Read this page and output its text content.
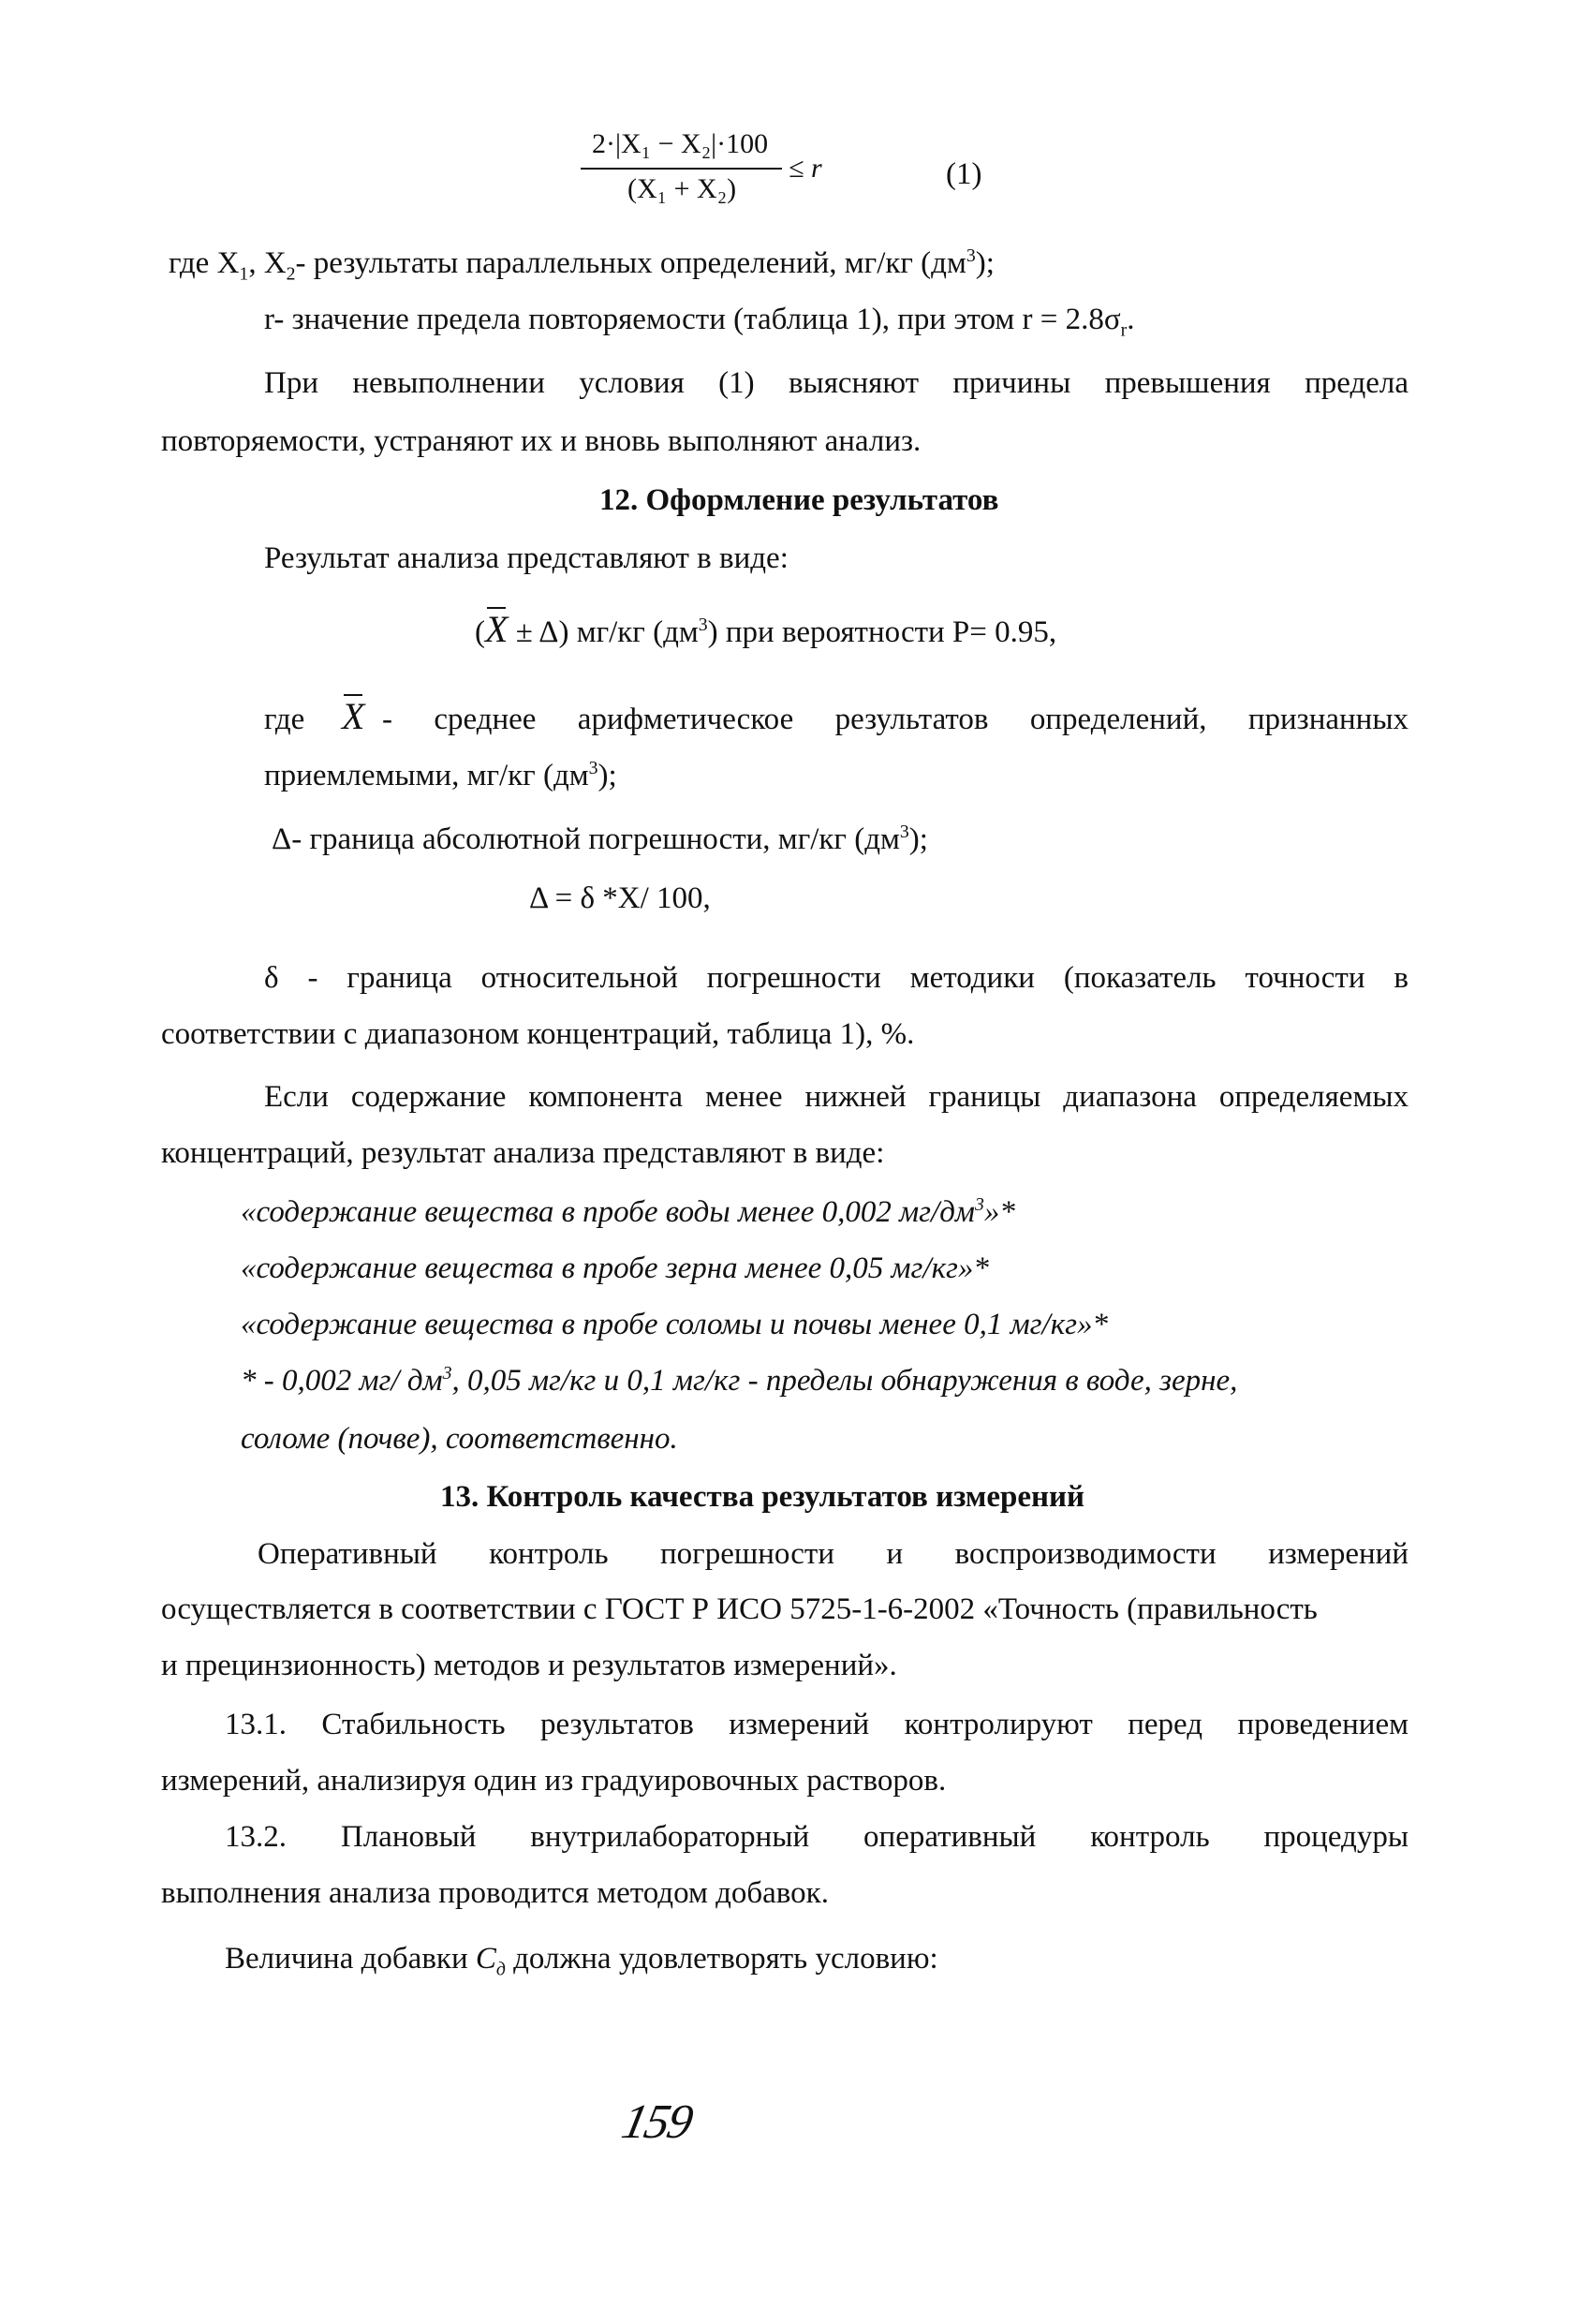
2·|X₁ − X₂|·100
(X₁ + X₂)
≤ r	(1)
где $X_1$, $X_2-$ результаты параллельных определений, мг/кг $(дм^3)$;
r- значение предела повторяемости (таблица 1), при этом $r = 2.8\sigma_r$.
При невыполнении условия (1) выясняют причины превышения предела
повторяемости, устраняют их и вновь выполняют анализ.
12. Оформление результатов
Результат анализа представляют в виде:
(X ± Δ) мг/кг $(дм^3)$ при вероятности P= 0.95,
где X - среднее арифметическое результатов определений, признанных
приемлемыми, мг/кг $(дм^3)$;
Δ- граница абсолютной погрешности, мг/кг $(дм^3)$;
Δ = δ *X/ 100,
δ - граница относительной погрешности методики (показатель точности в
соответствии с диапазоном концентраций, таблица 1), %.
Если содержание компонента менее нижней границы диапазона определяемых
концентраций, результат анализа представляют в виде:
«содержание вещества в пробе воды менее 0,002 $мг/дм^3»*$
«содержание вещества в пробе зерна менее 0,05 мг/кг»*
«содержание вещества в пробе соломы и почвы менее 0,1 мг/кг»*
* - 0,002 мг/ $дм^3$, 0,05 мг/кг и 0,1 мг/кг - пределы обнаружения в воде, зерне,
соломе (почве), соответственно.
13. Контроль качества результатов измерений
Оперативный контроль погрешности и воспроизводимости измерений
осуществляется в соответствии с ГОСТ Р ИСО 5725-1-6-2002 «Точность (правильность
и прецинзионность) методов и результатов измерений».
13.1. Стабильность результатов измерений контролируют перед проведением
измерений, анализируя один из градуировочных растворов.
13.2. Плановый внутрилабораторный оперативный контроль процедуры
выполнения анализа проводится методом добавок.
Величина добавки $C_д$ должна удовлетворять условию:
159
